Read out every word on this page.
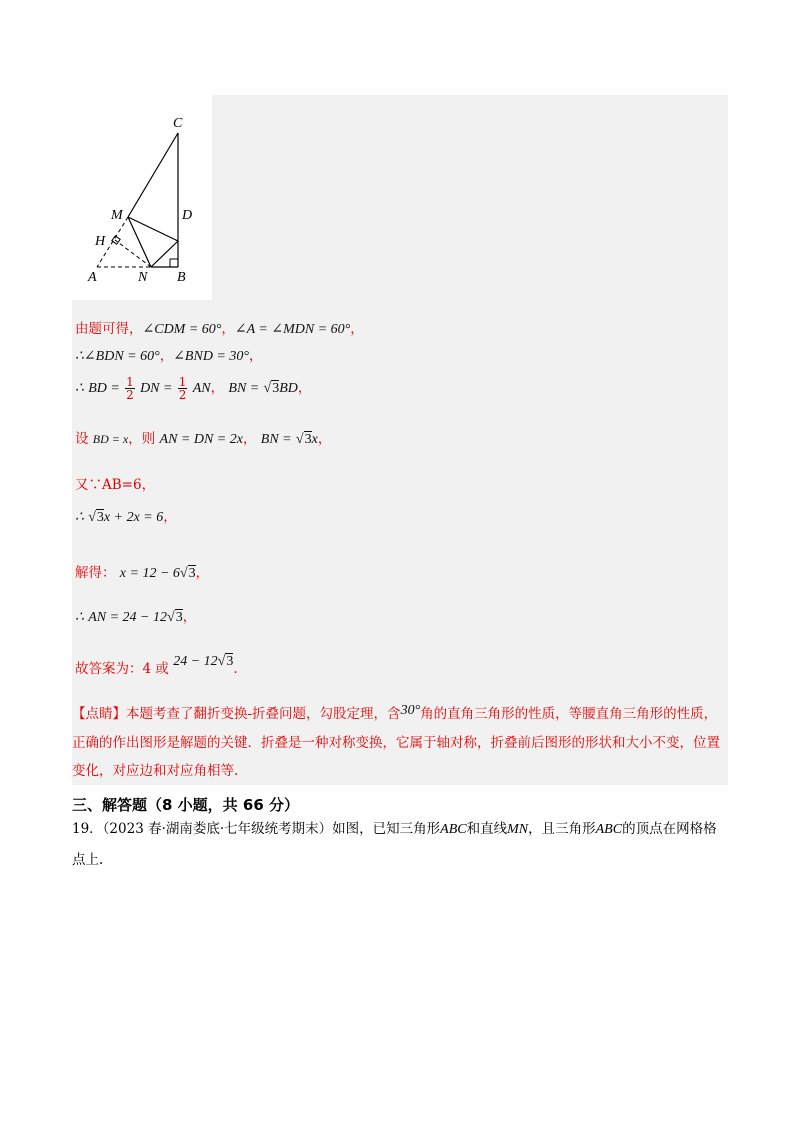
C
M	D
H
A	N B
由题可得，∠CDM = 60°，∠A = ∠MDN = 60°，
∴∠BDN = 60°，∠BND = 30°，
∴ BD = $\frac{1}{2}$ DN = $\frac{1}{2}$ AN， BN = √3BD，
设 BD = x，则 AN = DN = 2x， BN = √3x，
又∵AB=6，
∴ √3x + 2x = 6，
解得： x = 12 − 6√3，
∴ AN = 24 − 12√3，
故答案为：4 或 24 − 12√3.
【点睛】本题考查了翻折变换-折叠问题，勾股定理，含30°角的直角三角形的性质，等腰直角三角形的性质，正确的作出图形是解题的关键．折叠是一种对称变换，它属于轴对称，折叠前后图形的形状和大小不变，位置变化，对应边和对应角相等.
三、解答题（8 小题，共 66 分）
19．（2023 春·湖南娄底·七年级统考期末）如图，已知三角形ABC和直线MN，且三角形ABC的顶点在网格格点上.
